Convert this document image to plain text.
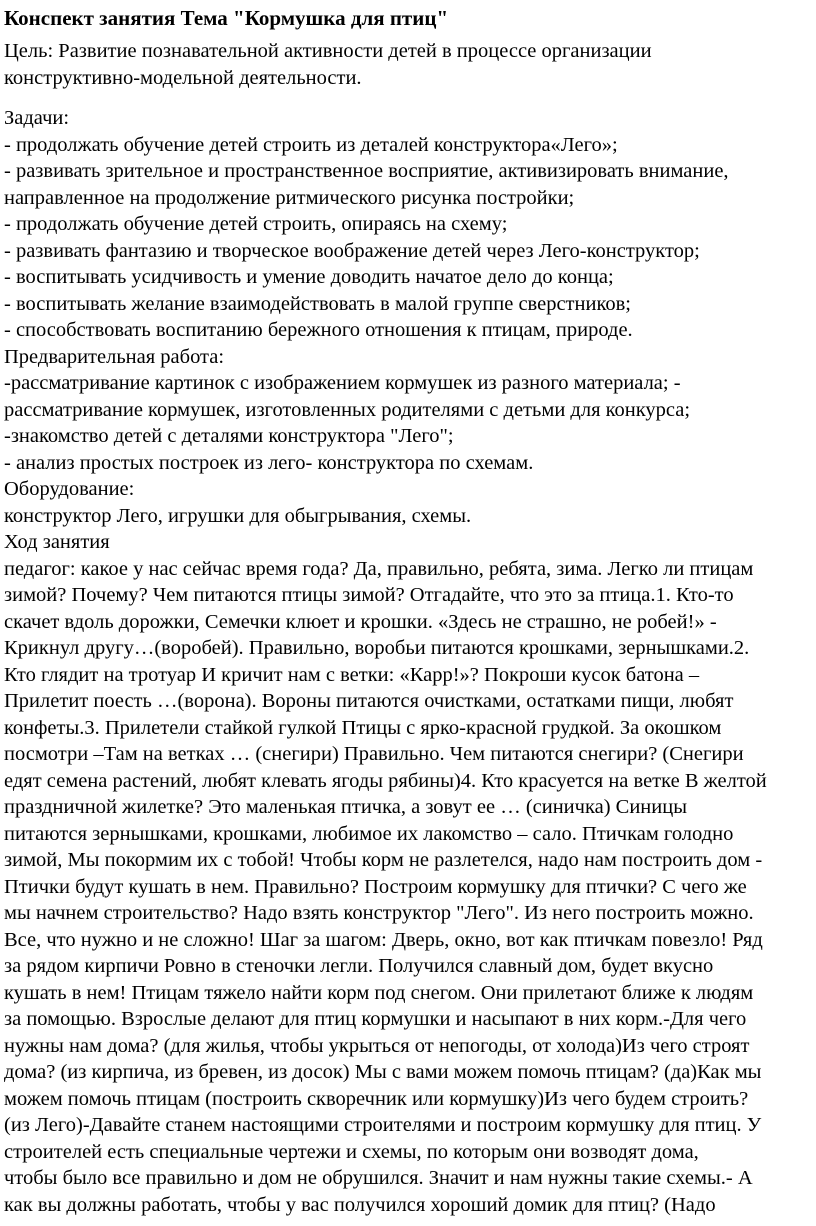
Конспект занятия Тема "Кормушка для птиц"
Цель: Развитие познавательной активности детей в процессе организации
конструктивно-модельной деятельности.
Задачи:
- продолжать обучение детей строить из деталей конструктора«Лего»;
- развивать зрительное и пространственное восприятие, активизировать внимание,
направленное на продолжение ритмического рисунка постройки;
- продолжать обучение детей строить, опираясь на схему;
- развивать фантазию и творческое воображение детей через Лего-конструктор;
- воспитывать усидчивость и умение доводить начатое дело до конца;
- воспитывать желание взаимодействовать в малой группе сверстников;
- способствовать воспитанию бережного отношения к птицам, природе.
Предварительная работа:
-рассматривание картинок с изображением кормушек из разного материала; -
рассматривание кормушек, изготовленных родителями с детьми для конкурса;
-знакомство детей с деталями конструктора "Лего";
- анализ простых построек из лего- конструктора по схемам.
Оборудование:
конструктор Лего, игрушки для обыгрывания, схемы.
Ход занятия
педагог: какое у нас сейчас время года? Да, правильно, ребята, зима. Легко ли птицам
зимой? Почему? Чем питаются птицы зимой? Отгадайте, что это за птица.1. Кто-то
скачет вдоль дорожки, Семечки клюет и крошки. «Здесь не страшно, не робей!» -
Крикнул другу…(воробей). Правильно, воробьи питаются крошками, зернышками.2.
Кто глядит на тротуар И кричит нам с ветки: «Карр!»? Покроши кусок батона –
Прилетит поесть …(ворона). Вороны питаются очистками, остатками пищи, любят
конфеты.3. Прилетели стайкой гулкой Птицы с ярко-красной грудкой. За окошком
посмотри –Там на ветках … (снегири) Правильно. Чем питаются снегири? (Снегири
едят семена растений, любят клевать ягоды рябины)4. Кто красуется на ветке В желтой
праздничной жилетке? Это маленькая птичка, а зовут ее … (синичка) Синицы
питаются зернышками, крошками, любимое их лакомство – сало. Птичкам голодно
зимой, Мы покормим их с тобой! Чтобы корм не разлетелся, надо нам построить дом -
Птички будут кушать в нем. Правильно? Построим кормушку для птички? С чего же
мы начнем строительство? Надо взять конструктор "Лего". Из него построить можно.
Все, что нужно и не сложно! Шаг за шагом: Дверь, окно, вот как птичкам повезло! Ряд
за рядом кирпичи Ровно в стеночки легли. Получился славный дом, будет вкусно
кушать в нем! Птицам тяжело найти корм под снегом. Они прилетают ближе к людям
за помощью. Взрослые делают для птиц кормушки и насыпают в них корм.-Для чего
нужны нам дома? (для жилья, чтобы укрыться от непогоды, от холода)Из чего строят
дома? (из кирпича, из бревен, из досок) Мы с вами можем помочь птицам? (да)Как мы
можем помочь птицам (построить скворечник или кормушку)Из чего будем строить?
(из Лего)-Давайте станем настоящими строителями и построим кормушку для птиц. У
строителей есть специальные чертежи и схемы, по которым они возводят дома,
чтобы было все правильно и дом не обрушился. Значит и нам нужны такие схемы.- А
как вы должны работать, чтобы у вас получился хороший домик для птиц? (Надо
